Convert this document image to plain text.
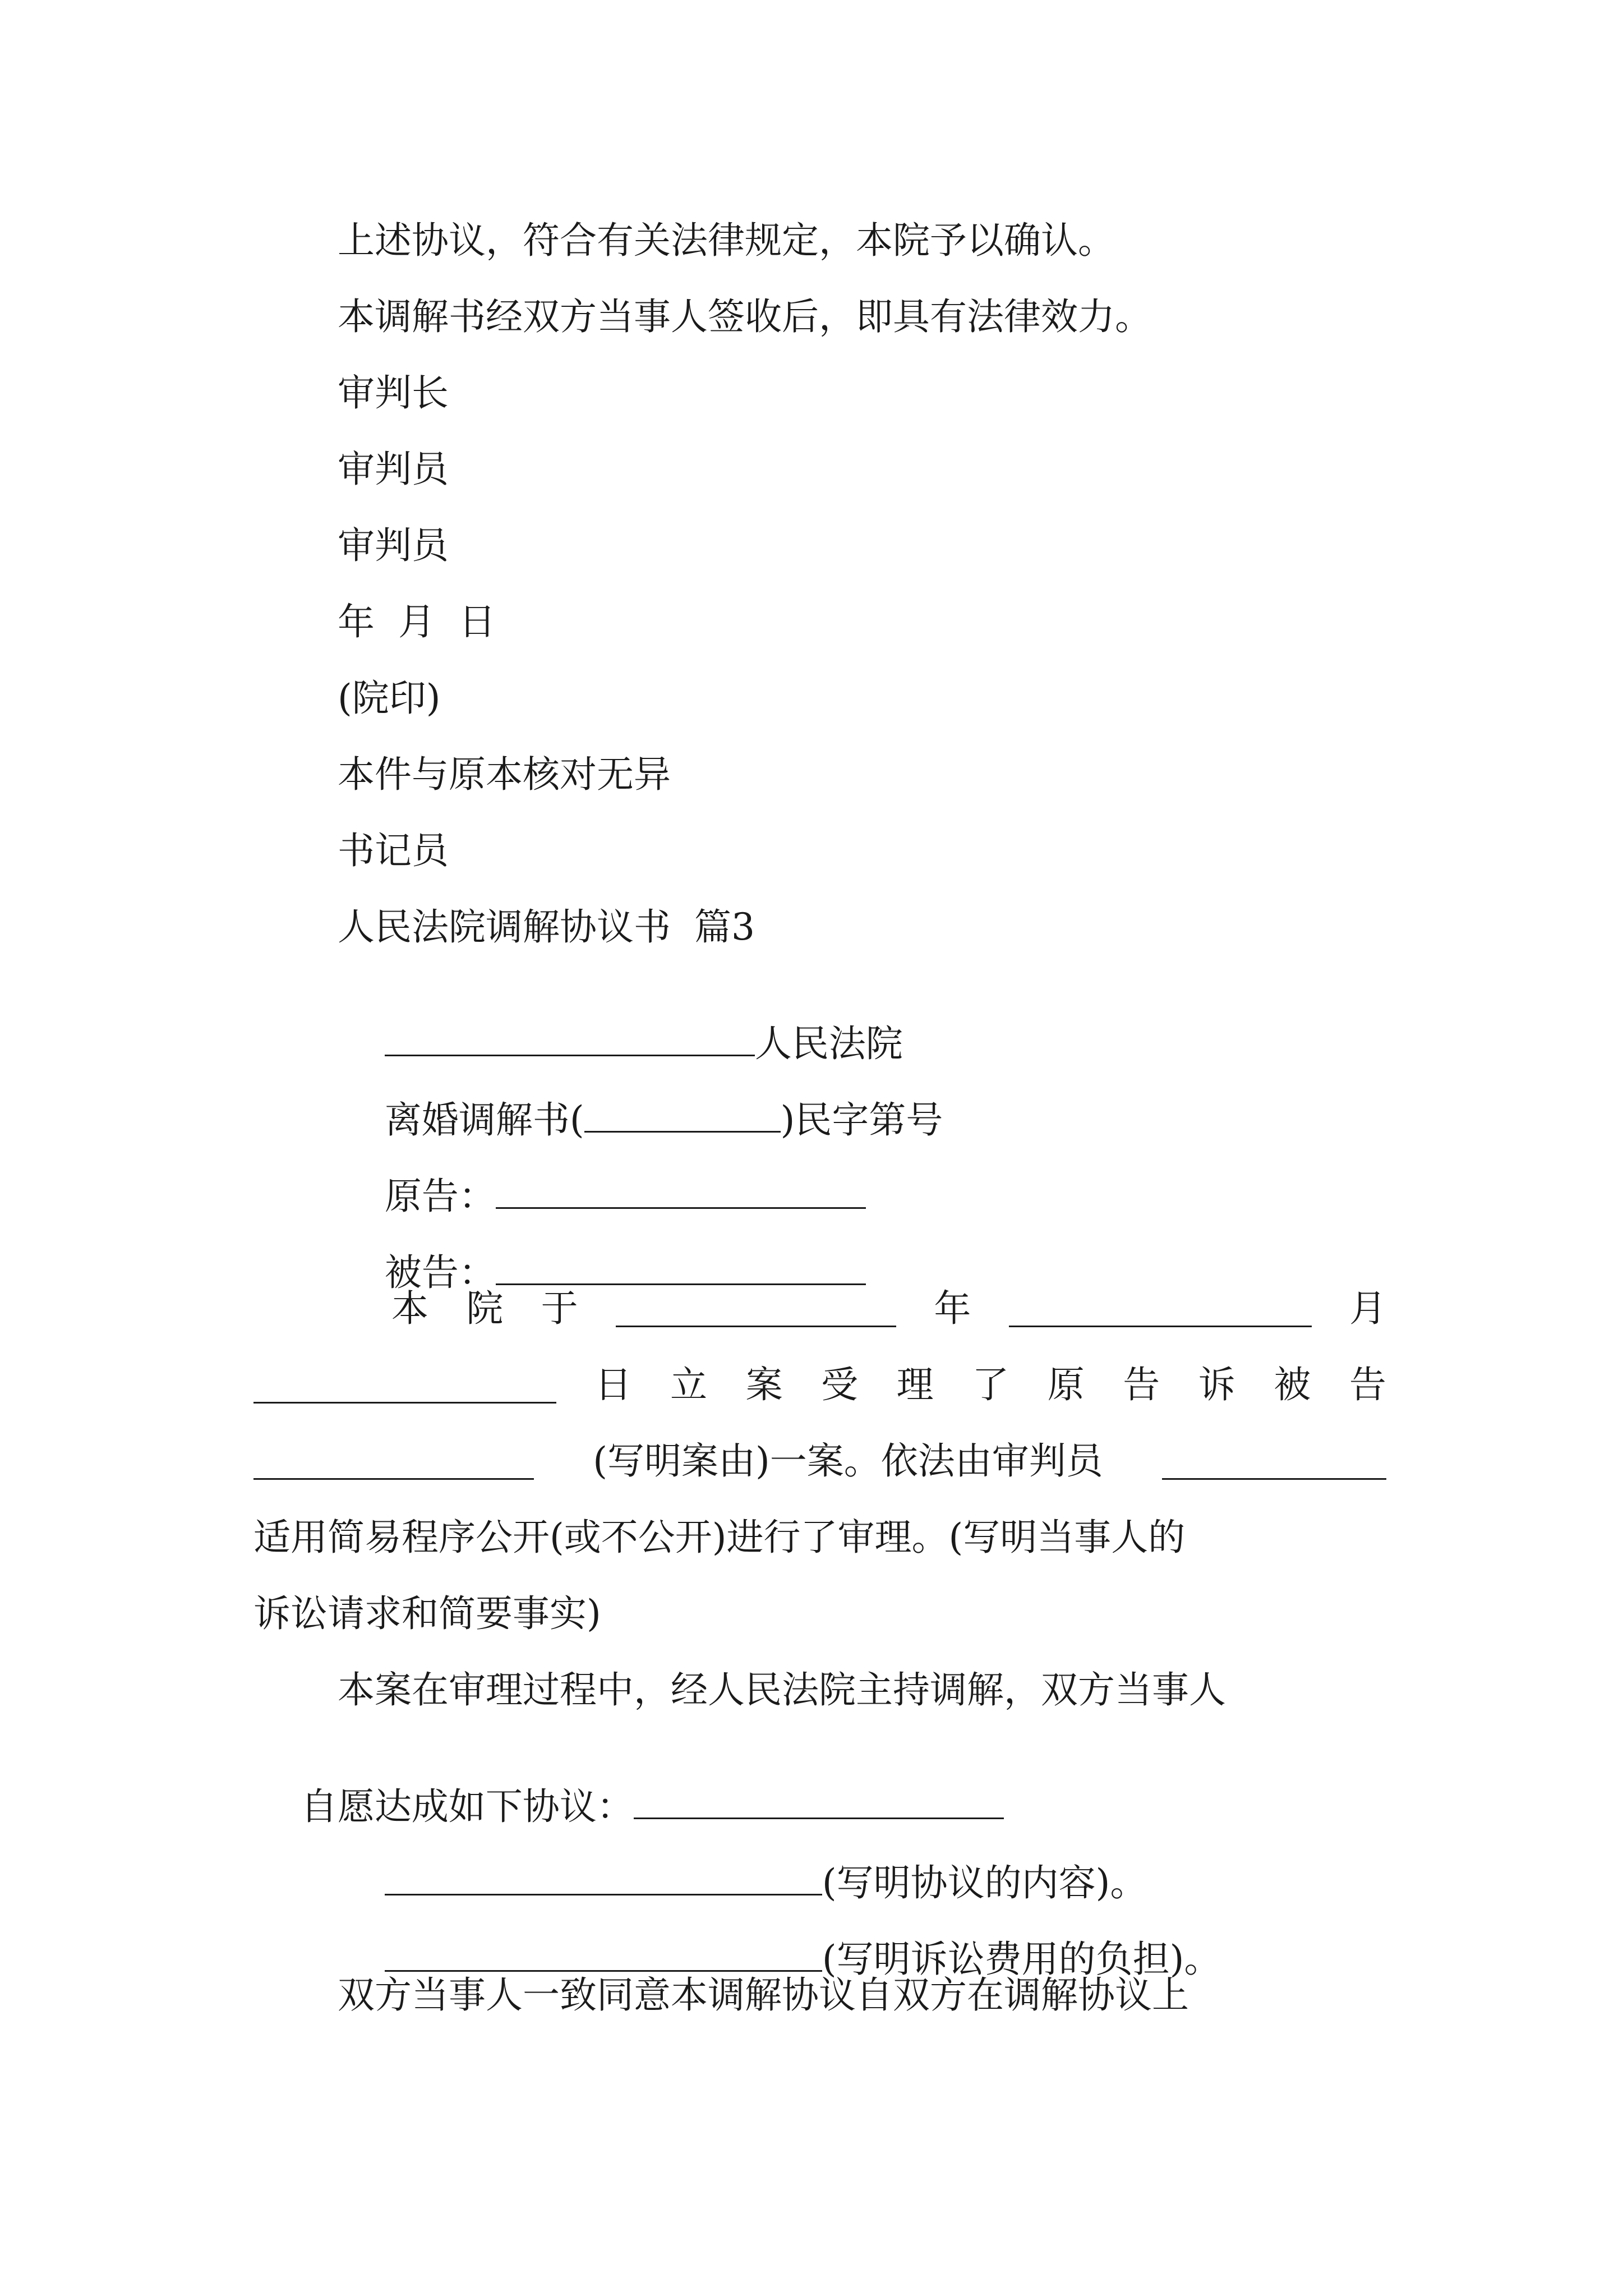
上述协议，符合有关法律规定，本院予以确认。
本调解书经双方当事人签收后，即具有法律效力。
审判长
审判员
审判员
年  月  日
(院印)
本件与原本核对无异
书记员
人民法院调解协议书  篇3

人民法院

离婚调解书(	)民字第号

原告：

被告：

本 院 于	年	月
日 立 案 受 理 了 原 告 诉 被 告
(写明案由)一案。依法由审判员
适用简易程序公开(或不公开)进行了审理。(写明当事人的
诉讼请求和简要事实)
本案在审理过程中，经人民法院主持调解，双方当事人

自愿达成如下协议：

(写明协议的内容)。

(写明诉讼费用的负担)。

双方当事人一致同意本调解协议自双方在调解协议上
